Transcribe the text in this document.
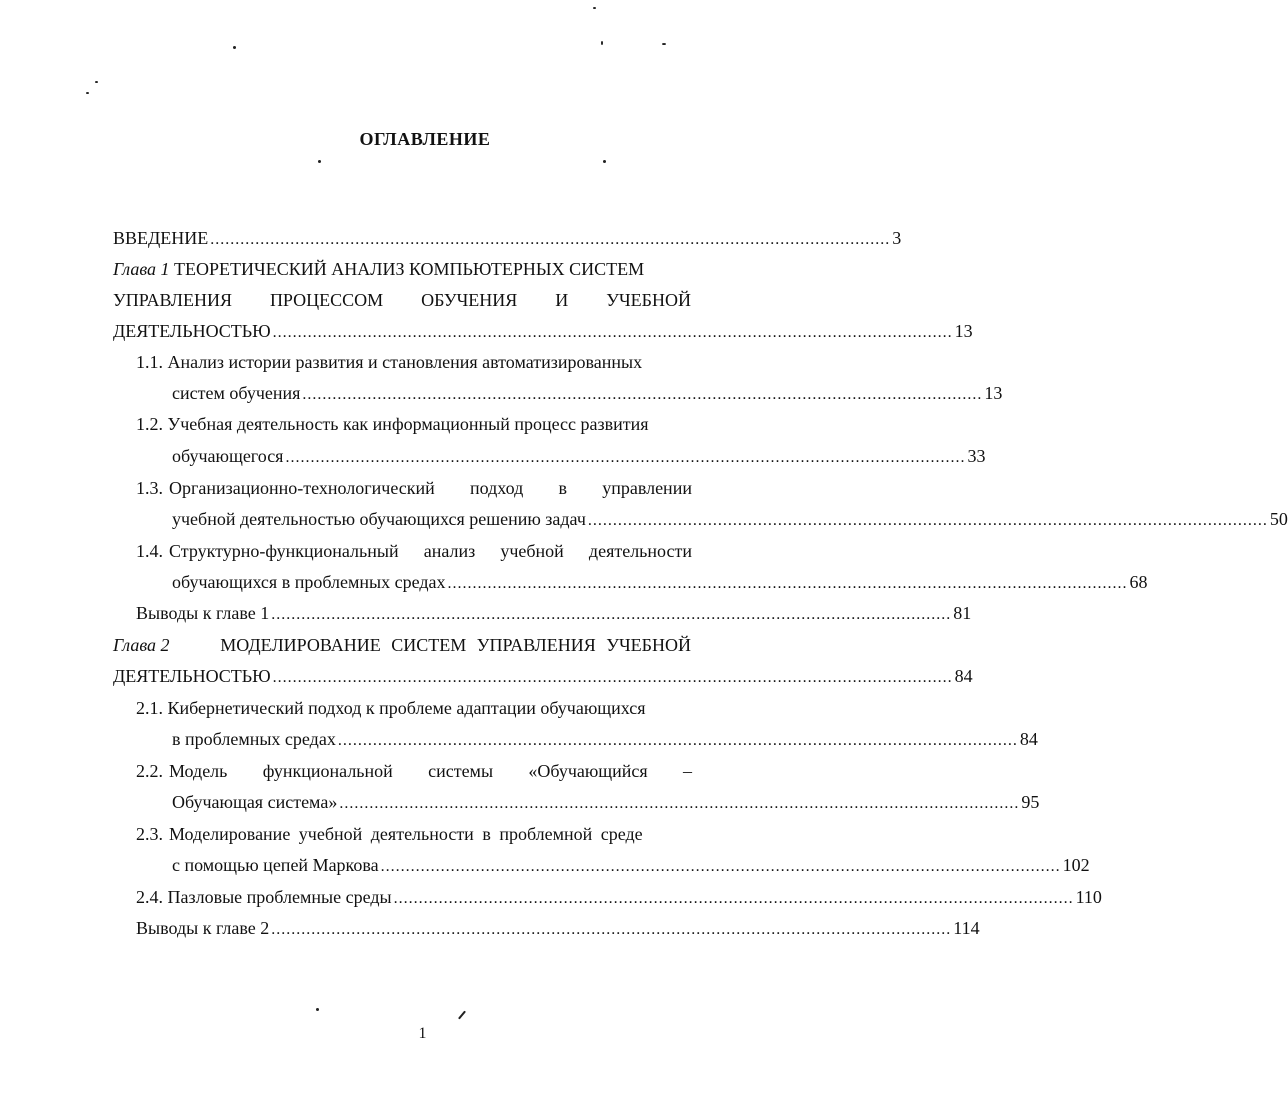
ОГЛАВЛЕНИЕ
ВВЕДЕНИЕ ........................................................................................................................................ 3
Глава 1 ТЕОРЕТИЧЕСКИЙ АНАЛИЗ КОМПЬЮТЕРНЫХ СИСТЕМ
УПРАВЛЕНИЯ ПРОЦЕССОМ ОБУЧЕНИЯ И УЧЕБНОЙ
ДЕЯТЕЛЬНОСТЬЮ ........................................................................................................................................ 13
1.1. Анализ истории развития и становления автоматизированных
систем обучения ........................................................................................................................................ 13
1.2. Учебная деятельность как информационный процесс развития
обучающегося ........................................................................................................................................ 33
1.3. Организационно-технологический подход в управлении
учебной деятельностью обучающихся решению задач ........................................................................................................................................ 50
1.4. Структурно-функциональный анализ учебной деятельности
обучающихся в проблемных средах ........................................................................................................................................ 68
Выводы к главе 1 ........................................................................................................................................ 81
Глава 2	МОДЕЛИРОВАНИЕ СИСТЕМ УПРАВЛЕНИЯ УЧЕБНОЙ
ДЕЯТЕЛЬНОСТЬЮ ........................................................................................................................................ 84
2.1. Кибернетический подход к проблеме адаптации обучающихся
в проблемных средах ........................................................................................................................................ 84
2.2. Модель функциональной системы «Обучающийся –
Обучающая система» ........................................................................................................................................ 95
2.3. Моделирование учебной деятельности в проблемной среде
с помощью цепей Маркова ........................................................................................................................................ 102
2.4. Пазловые проблемные среды ........................................................................................................................................ 110
Выводы к главе 2 ........................................................................................................................................ 114
1
